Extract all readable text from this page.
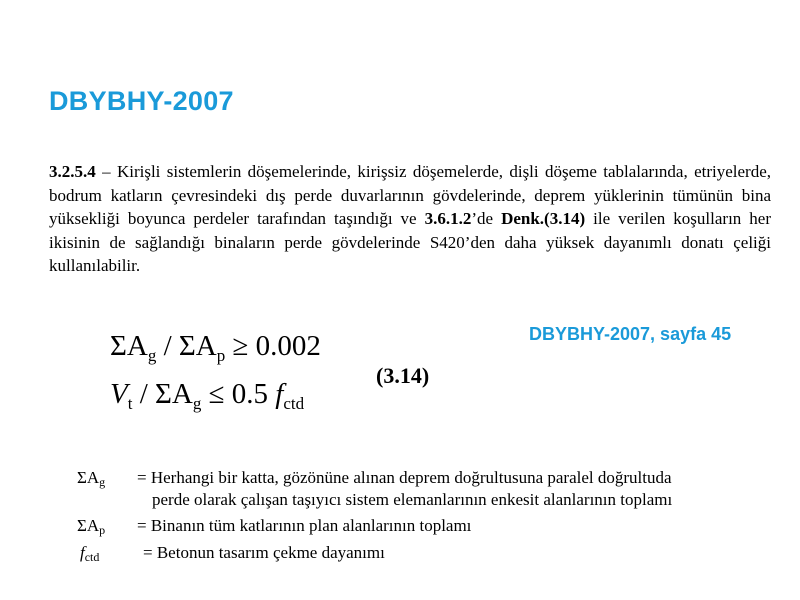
DBYBHY-2007
3.2.5.4 – Kirişli sistemlerin döşemelerinde, kirişsiz döşemelerde, dişli döşeme tablalarında, etriyelerde, bodrum katların çevresindeki dış perde duvarlarının gövdelerinde, deprem yüklerinin tümünün bina yüksekliği boyunca perdeler tarafından taşındığı ve 3.6.1.2’de Denk.(3.14) ile verilen koşulların her ikisinin de sağlandığı binaların perde gövdelerinde S420’den daha yüksek dayanımlı donatı çeliği kullanılabilir.
DBYBHY-2007, sayfa 45
$\Sigma A_g / \Sigma A_p \ge 0.002$
$V_t / \Sigma A_g \le 0.5$ $f_{ctd}$
(3.14)
$\Sigma A_g$ = Herhangi bir katta, gözönüne alınan deprem doğrultusuna paralel doğrultuda
perde olarak çalışan taşıyıcı sistem elemanlarının enkesit alanlarının toplamı
$\Sigma A_p$ = Binanın tüm katlarının plan alanlarının toplamı
$f_{ctd}$	= Betonun tasarım çekme dayanımı
